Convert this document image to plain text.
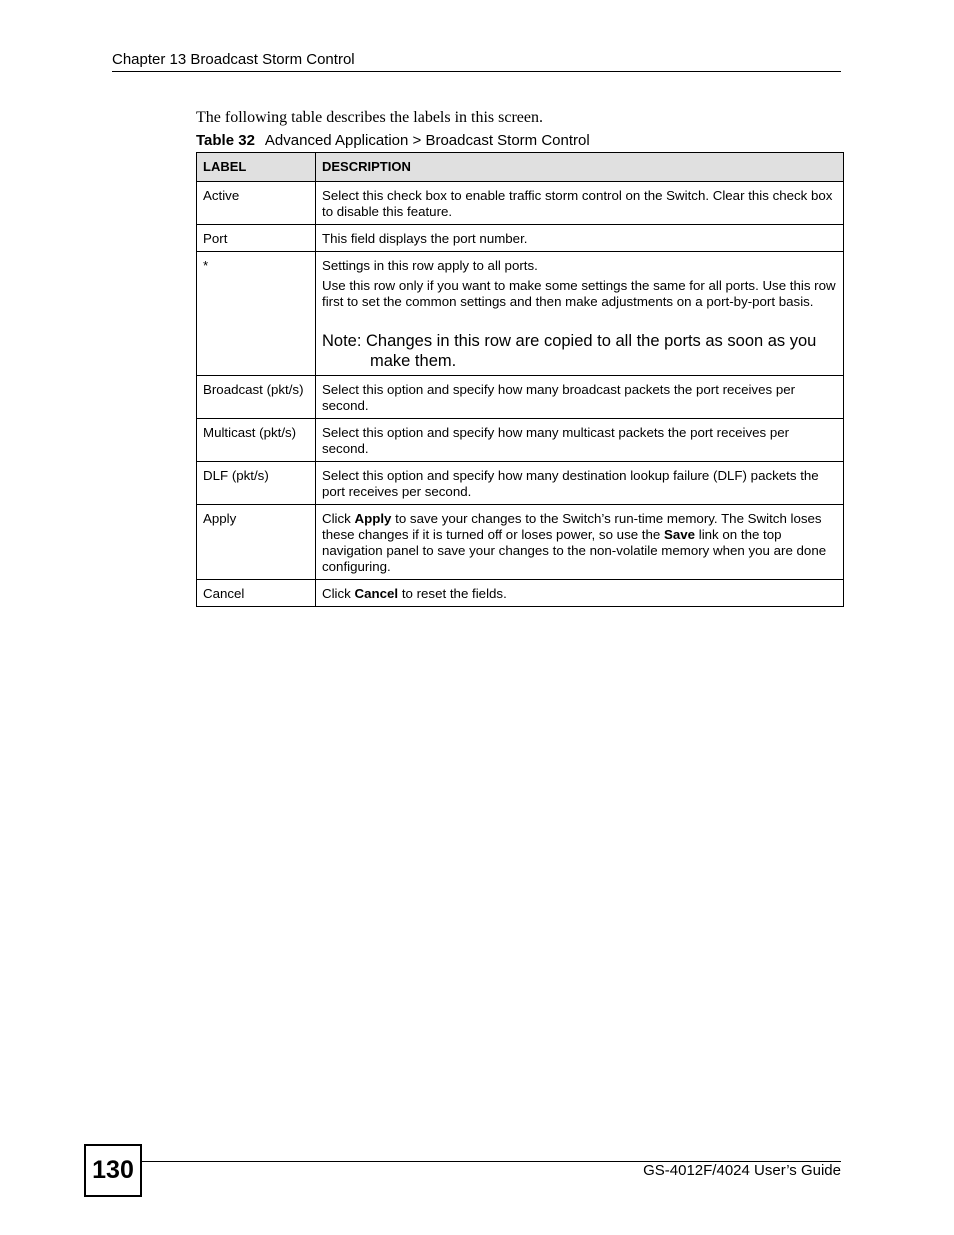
Chapter 13 Broadcast Storm Control
The following table describes the labels in this screen.
Table 32 Advanced Application > Broadcast Storm Control
LABEL	DESCRIPTION
Active	Select this check box to enable traffic storm control on the Switch. Clear this check box to disable this feature.

Port	This field displays the port number.

*	Settings in this row apply to all ports.
Use this row only if you want to make some settings the same for all ports. Use this row first to set the common settings and then make adjustments on a port-by-port basis.
Note: Changes in this row are copied to all the ports as soon as you make them.

Broadcast (pkt/s)	Select this option and specify how many broadcast packets the port receives per second.

Multicast (pkt/s)	Select this option and specify how many multicast packets the port receives per second.

DLF (pkt/s)	Select this option and specify how many destination lookup failure (DLF) packets the port receives per second.

Apply	Click Apply to save your changes to the Switch’s run-time memory. The Switch loses these changes if it is turned off or loses power, so use the Save link on the top navigation panel to save your changes to the non-volatile memory when you are done configuring.

Cancel	Click Cancel to reset the fields.
130	GS-4012F/4024 User’s Guide
